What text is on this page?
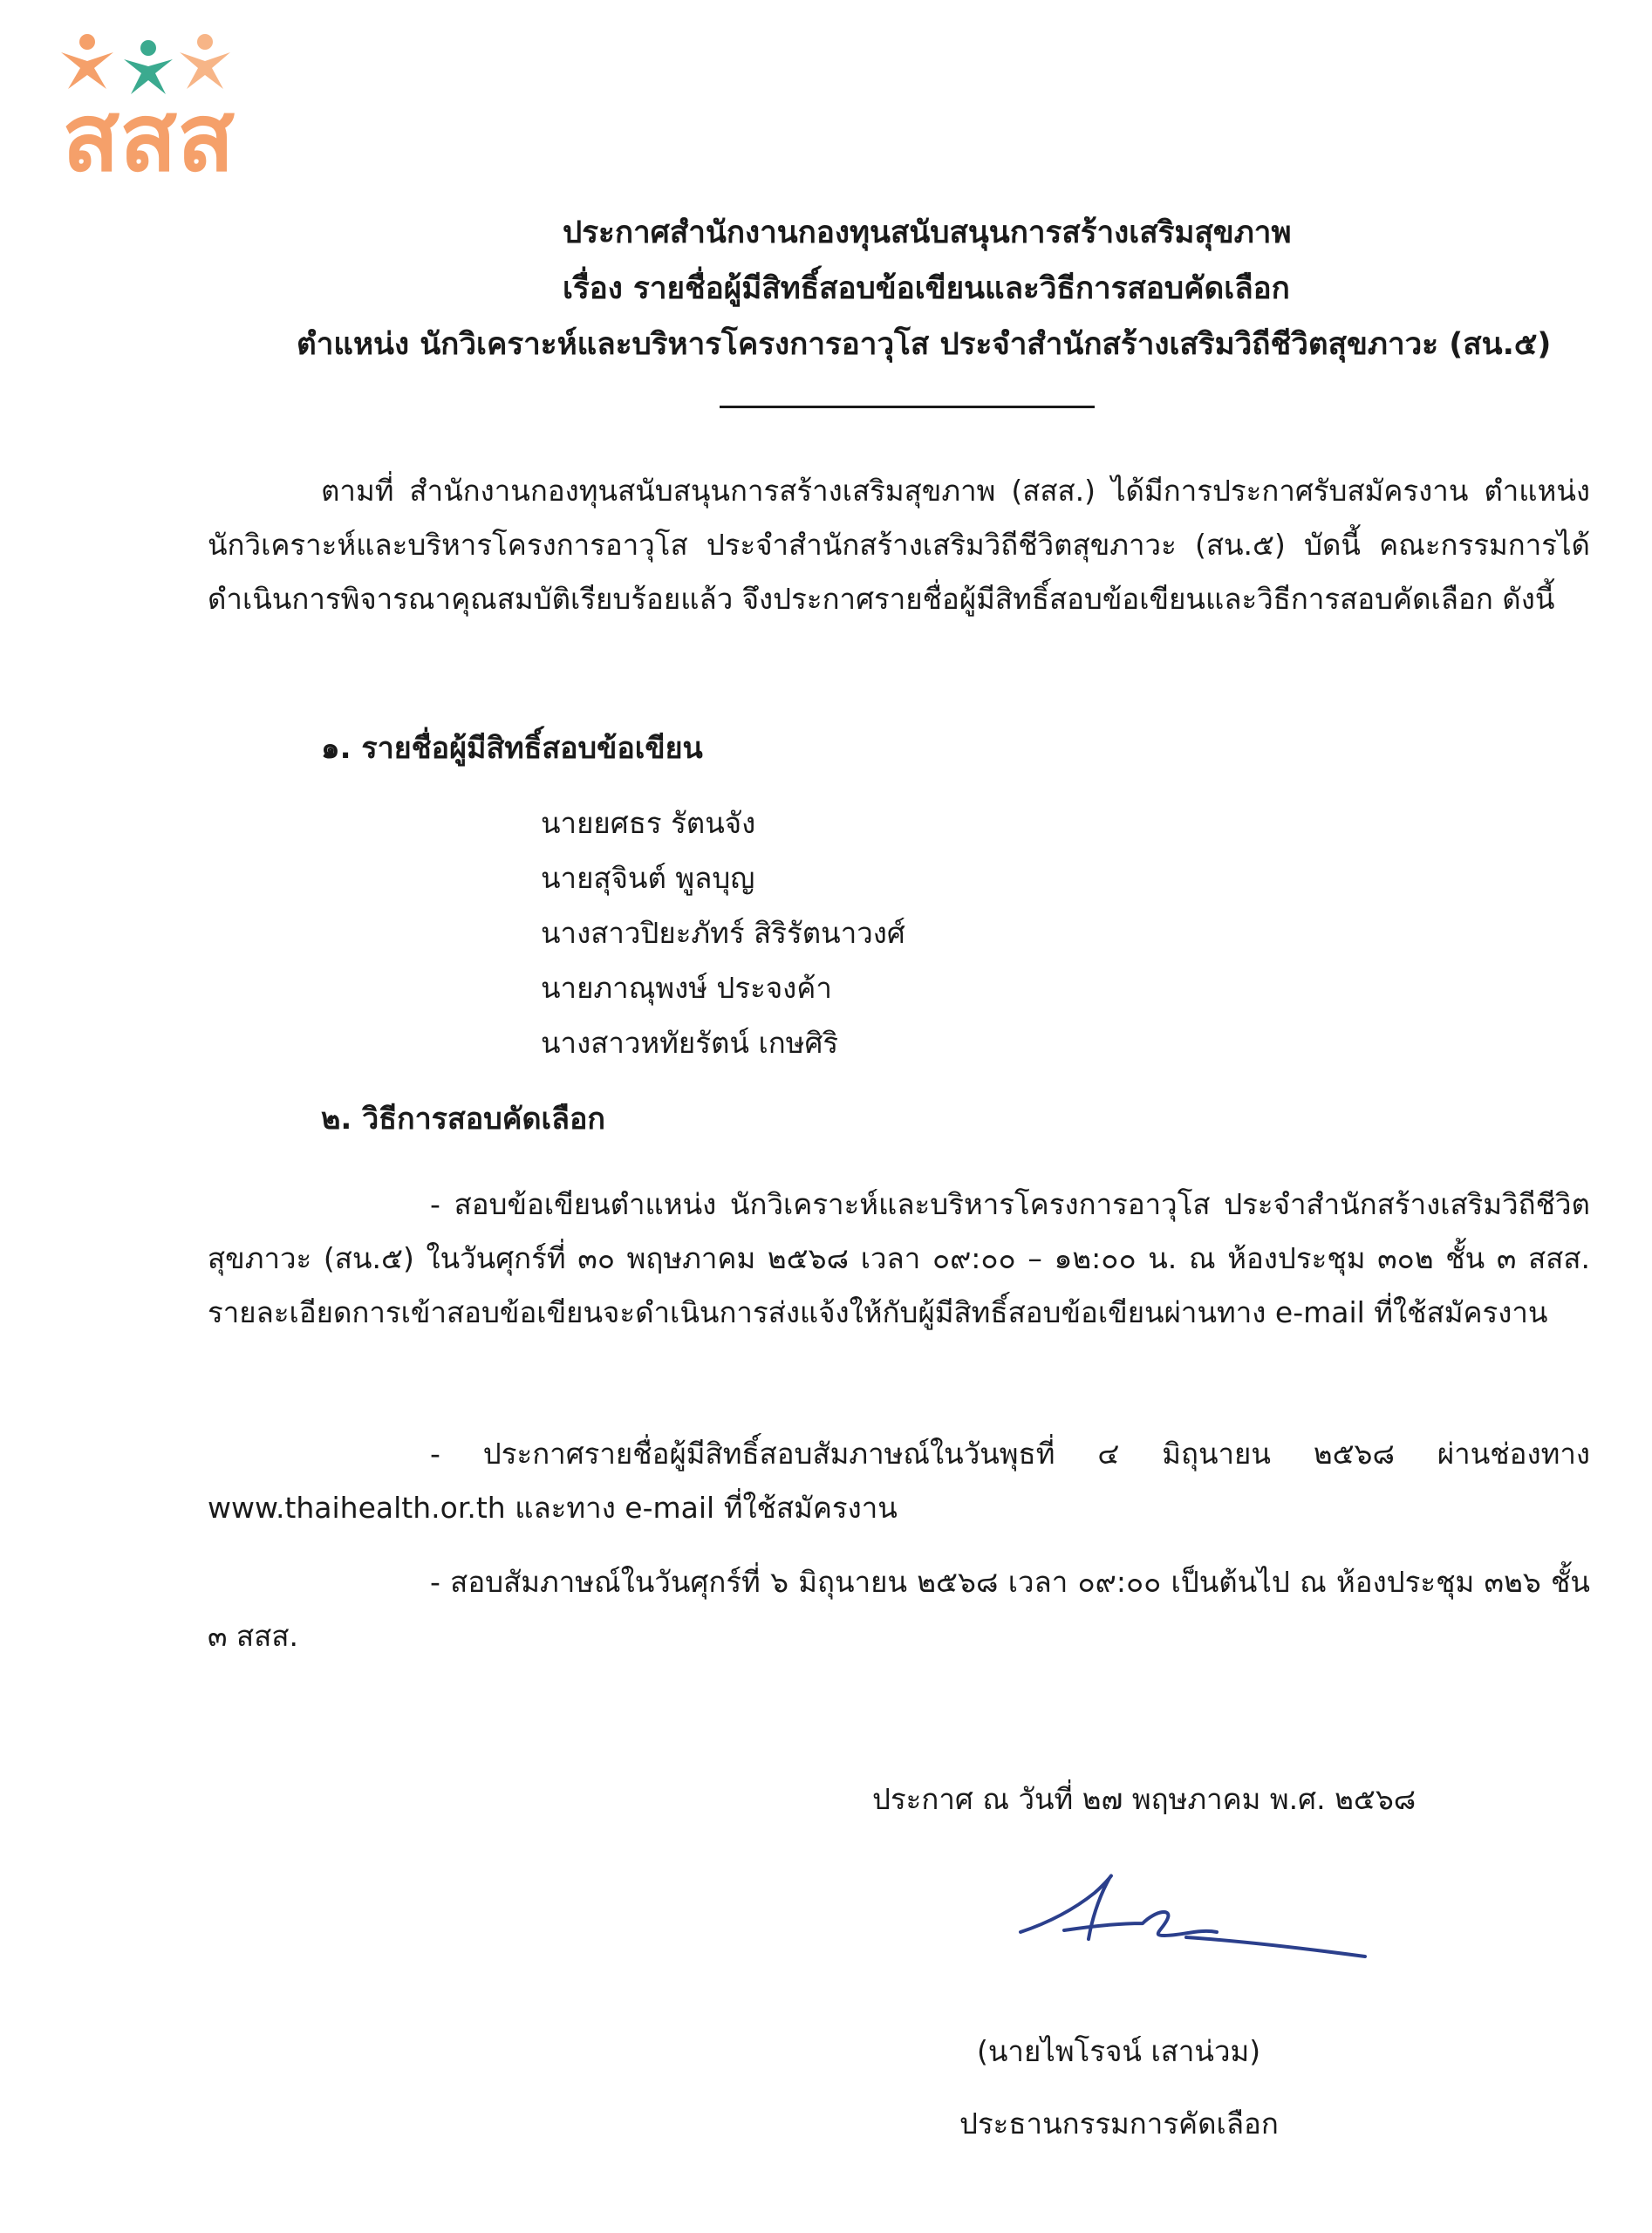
สสส
ประกาศสำนักงานกองทุนสนับสนุนการสร้างเสริมสุขภาพ
เรื่อง รายชื่อผู้มีสิทธิ์สอบข้อเขียนและวิธีการสอบคัดเลือก
ตำแหน่ง นักวิเคราะห์และบริหารโครงการอาวุโส ประจำสำนักสร้างเสริมวิถีชีวิตสุขภาวะ (สน.๕)
ตามที่ สำนักงานกองทุนสนับสนุนการสร้างเสริมสุขภาพ (สสส.) ได้มีการประกาศรับสมัครงาน ตำแหน่ง นักวิเคราะห์และบริหารโครงการอาวุโส ประจำสำนักสร้างเสริมวิถีชีวิตสุขภาวะ (สน.๕) บัดนี้ คณะกรรมการได้ดำเนินการพิจารณาคุณสมบัติเรียบร้อยแล้ว จึงประกาศรายชื่อผู้มีสิทธิ์สอบข้อเขียนและวิธีการสอบคัดเลือก ดังนี้
๑. รายชื่อผู้มีสิทธิ์สอบข้อเขียน
นายยศธร รัตนจัง
นายสุจินต์ พูลบุญ
นางสาวปิยะภัทร์ สิริรัตนาวงศ์
นายภาณุพงษ์ ประจงค้า
นางสาวหทัยรัตน์ เกษศิริ
๒. วิธีการสอบคัดเลือก
- สอบข้อเขียนตำแหน่ง นักวิเคราะห์และบริหารโครงการอาวุโส ประจำสำนักสร้างเสริมวิถีชีวิตสุขภาวะ (สน.๕) ในวันศุกร์ที่ ๓๐ พฤษภาคม ๒๕๖๘ เวลา ๐๙:๐๐ – ๑๒:๐๐ น. ณ ห้องประชุม ๓๐๒ ชั้น ๓ สสส. รายละเอียดการเข้าสอบข้อเขียนจะดำเนินการส่งแจ้งให้กับผู้มีสิทธิ์สอบข้อเขียนผ่านทาง e-mail ที่ใช้สมัครงาน
- ประกาศรายชื่อผู้มีสิทธิ์สอบสัมภาษณ์ในวันพุธที่ ๔ มิถุนายน ๒๕๖๘ ผ่านช่องทาง www.thaihealth.or.th และทาง e-mail ที่ใช้สมัครงาน
- สอบสัมภาษณ์ในวันศุกร์ที่ ๖ มิถุนายน ๒๕๖๘ เวลา ๐๙:๐๐ เป็นต้นไป ณ ห้องประชุม ๓๒๖ ชั้น ๓ สสส.
ประกาศ ณ วันที่ ๒๗ พฤษภาคม พ.ศ. ๒๕๖๘
(นายไพโรจน์ เสาน่วม)
ประธานกรรมการคัดเลือก
